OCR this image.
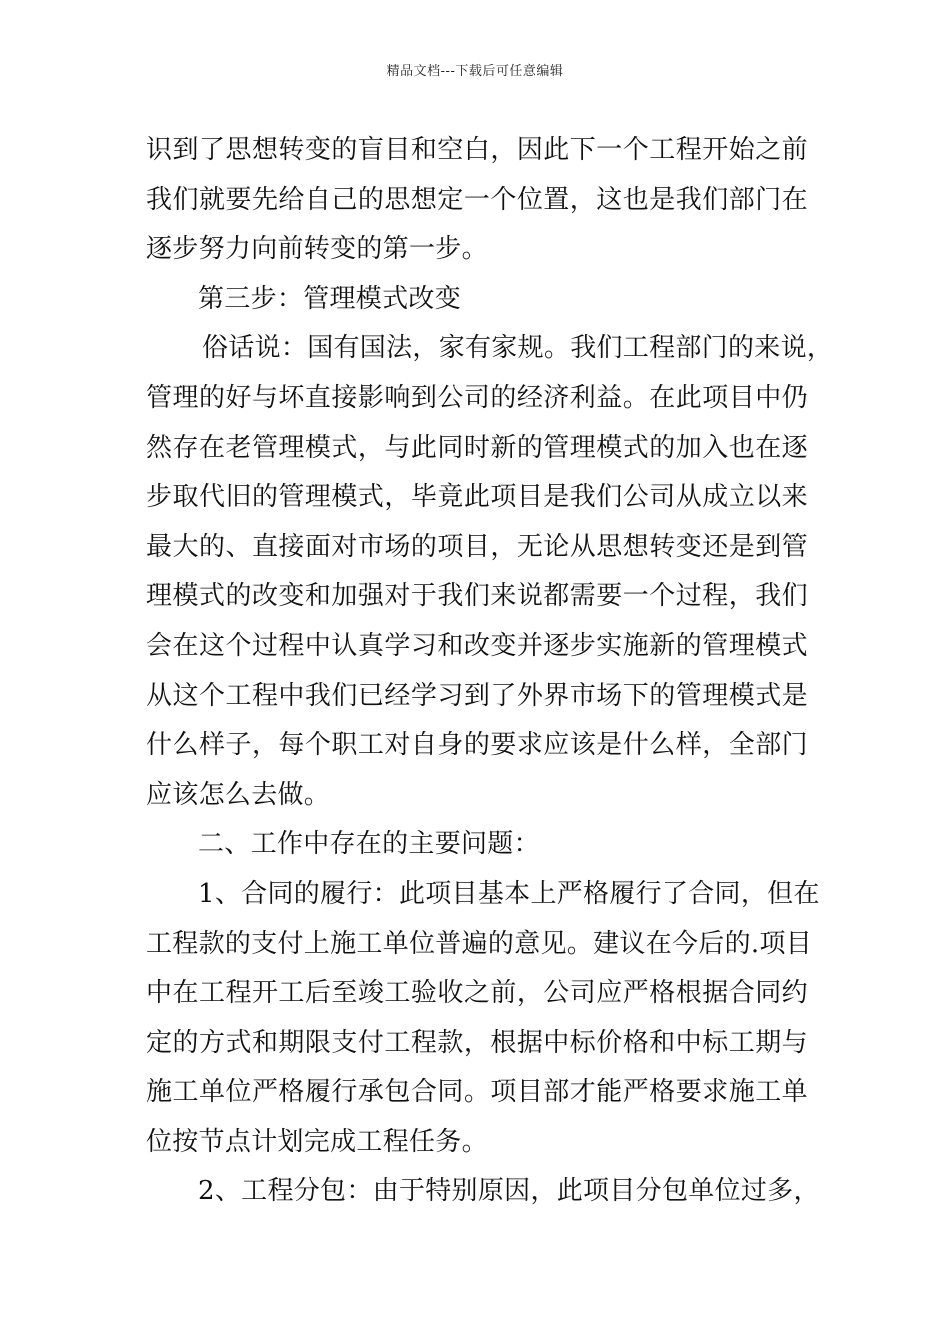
精品文档---下载后可任意编辑
识到了思想转变的盲目和空白，因此下一个工程开始之前
我们就要先给自己的思想定一个位置，这也是我们部门在
逐步努力向前转变的第一步。
第三步：管理模式改变
俗话说：国有国法，家有家规。我们工程部门的来说，
管理的好与坏直接影响到公司的经济利益。在此项目中仍
然存在老管理模式，与此同时新的管理模式的加入也在逐
步取代旧的管理模式，毕竟此项目是我们公司从成立以来
最大的、直接面对市场的项目，无论从思想转变还是到管
理模式的改变和加强对于我们来说都需要一个过程，我们
会在这个过程中认真学习和改变并逐步实施新的管理模式
从这个工程中我们已经学习到了外界市场下的管理模式是
什么样子，每个职工对自身的要求应该是什么样，全部门
应该怎么去做。
二、工作中存在的主要问题：
1、合同的履行：此项目基本上严格履行了合同，但在
工程款的支付上施工单位普遍的意见。建议在今后的.项目
中在工程开工后至竣工验收之前，公司应严格根据合同约
定的方式和期限支付工程款，根据中标价格和中标工期与
施工单位严格履行承包合同。项目部才能严格要求施工单
位按节点计划完成工程任务。
2、工程分包：由于特别原因，此项目分包单位过多，
